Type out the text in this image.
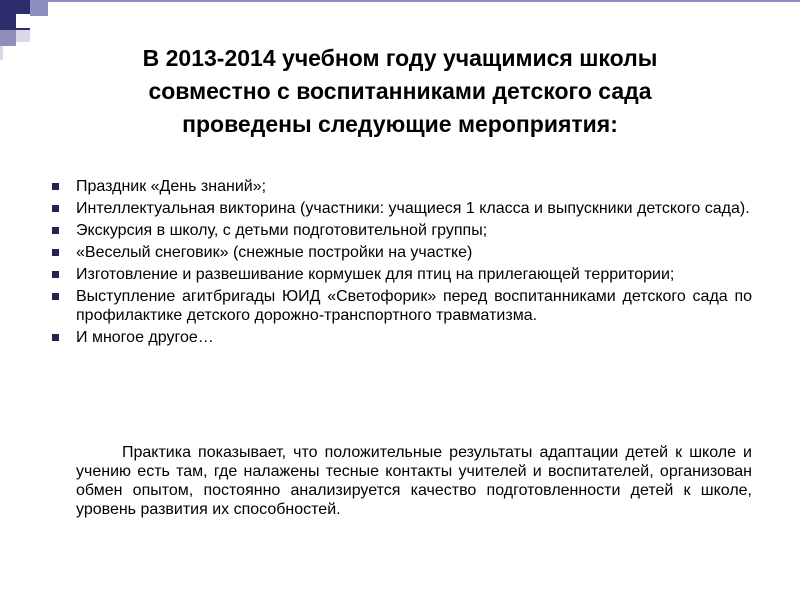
В 2013-2014 учебном году учащимися школы
совместно с воспитанниками детского сада
проведены следующие мероприятия:
Праздник «День знаний»;
Интеллектуальная викторина (участники: учащиеся 1 класса и выпускники детского сада).
Экскурсия в школу, с детьми подготовительной группы;
«Веселый снеговик» (снежные постройки на участке)
Изготовление и развешивание кормушек для птиц на прилегающей территории;
Выступление агитбригады ЮИД «Светофорик» перед воспитанниками детского сада по профилактике детского дорожно-транспортного травматизма.
И многое другое…

Практика показывает, что положительные результаты адаптации детей к школе и учению есть там, где налажены тесные контакты учителей и воспитателей, организован обмен опытом, постоянно анализируется качество подготовленности детей к школе, уровень развития их способностей.
